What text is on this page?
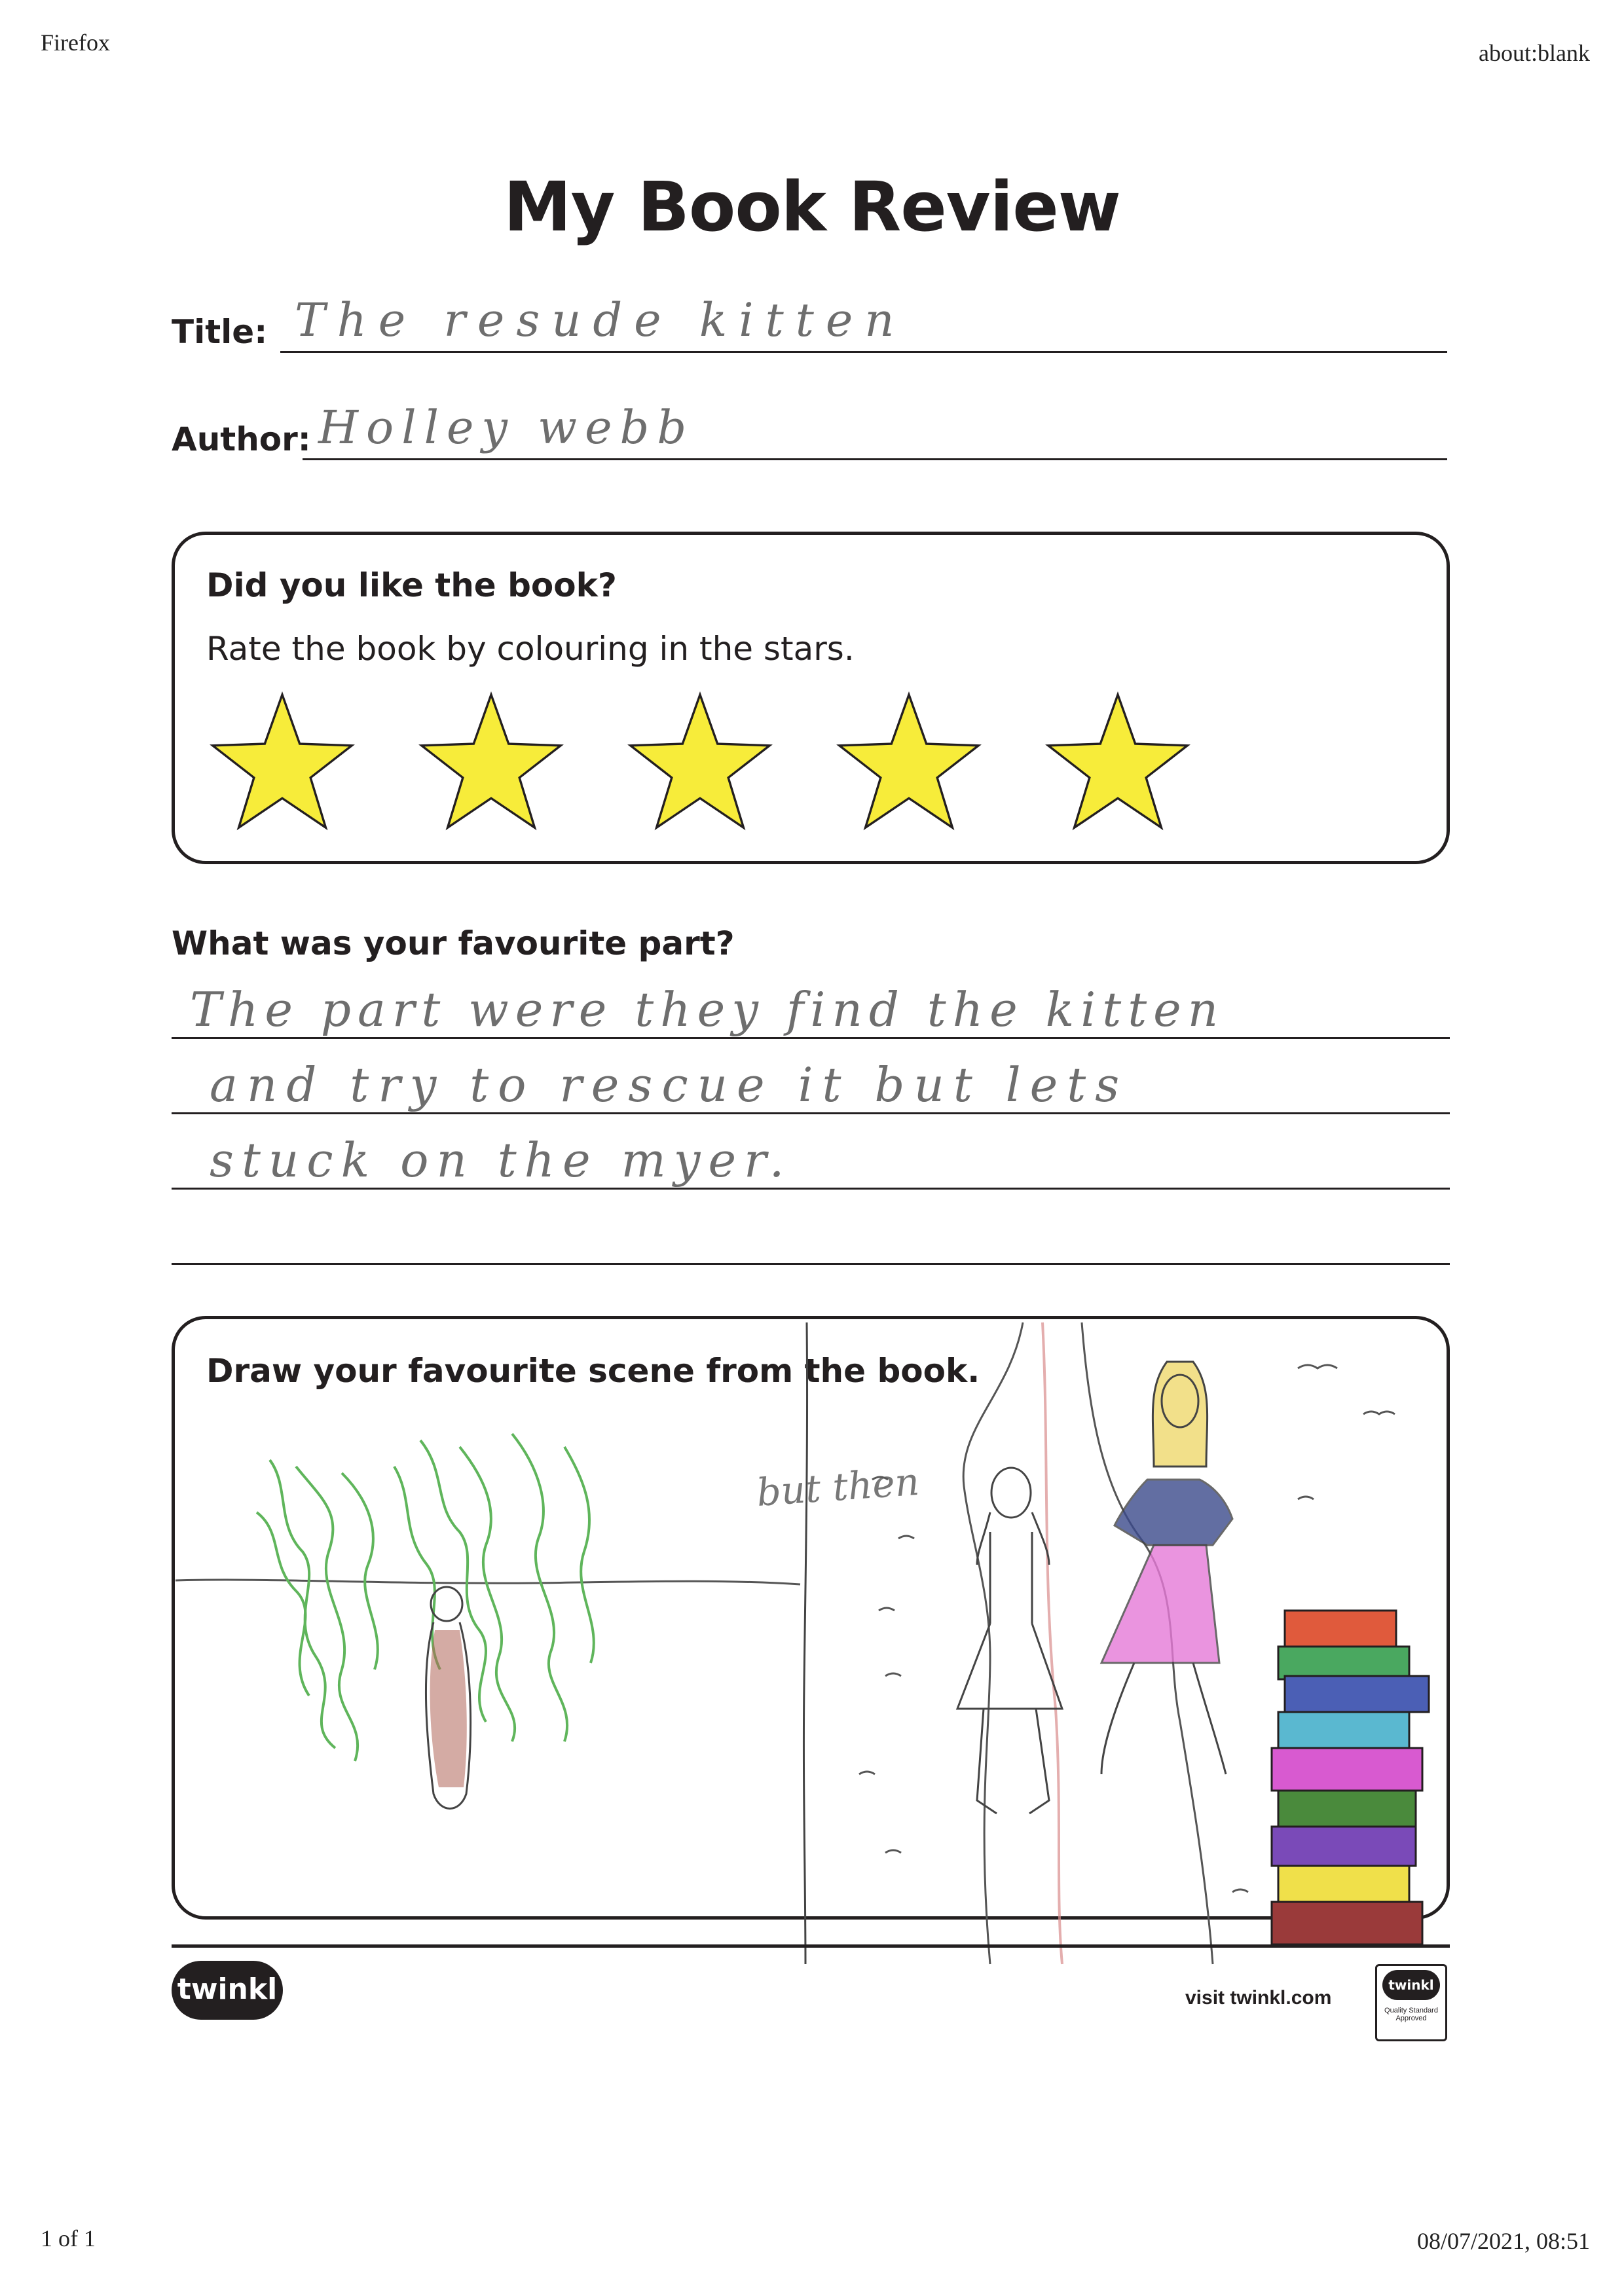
Firefox	about:blank
1 of 1	08/07/2021, 08:51
My Book Review
Title: The resude kitten
Author: Holley webb
Did you like the book?
Rate the book by colouring in the stars.
What was your favourite part?
The part were they find the kitten
and try to rescue it but lets
stuck on the myer.
Draw your favourite scene from the book.
but then
twinkl	visit twinkl.com
twinkl
Quality Standard Approved
